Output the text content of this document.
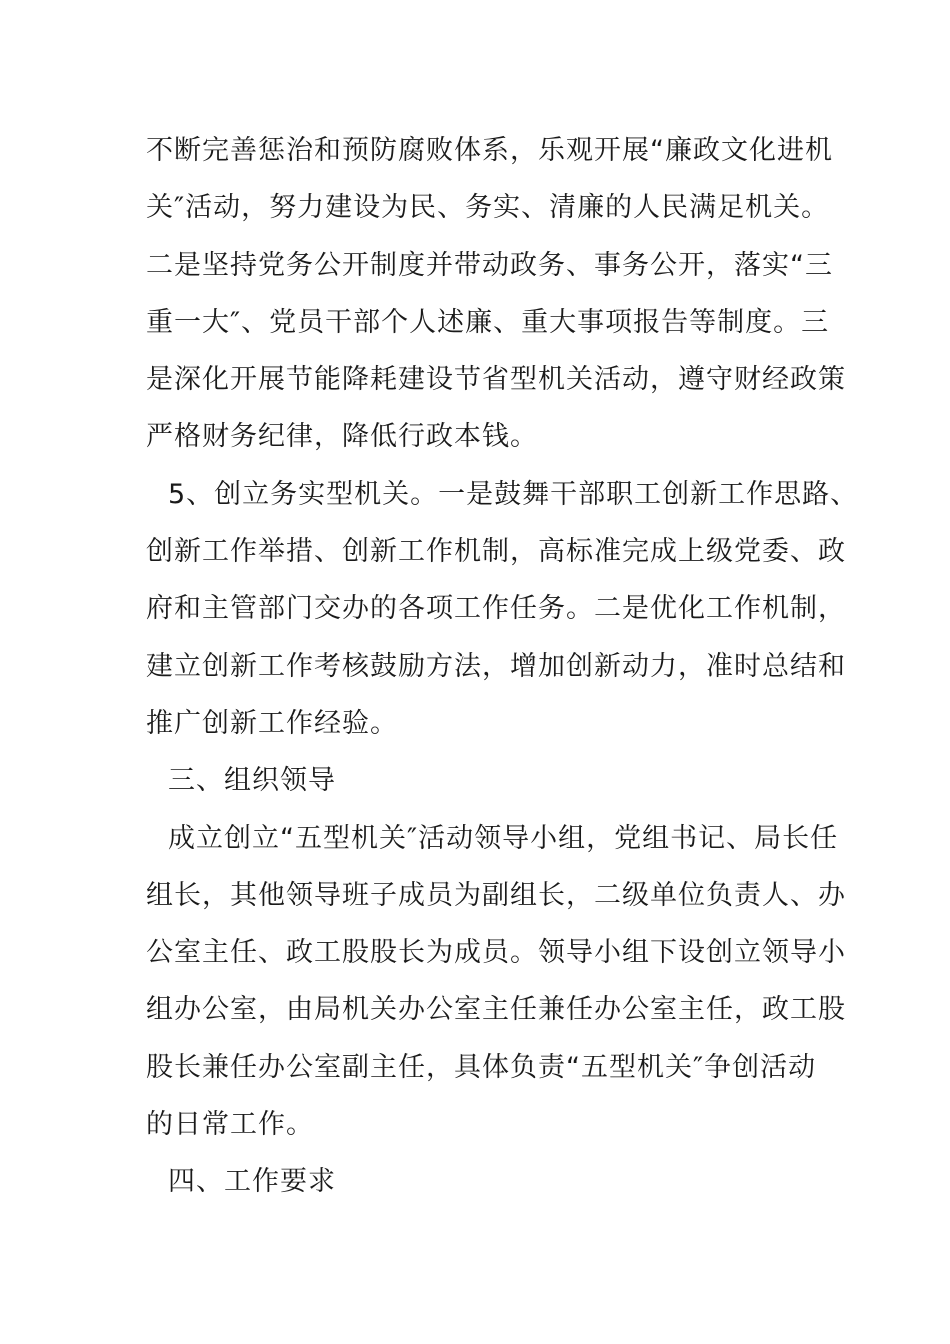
不断完善惩治和预防腐败体系，乐观开展“廉政文化进机
关″活动，努力建设为民、务实、清廉的人民满足机关。
二是坚持党务公开制度并带动政务、事务公开，落实“三
重一大″、党员干部个人述廉、重大事项报告等制度。三
是深化开展节能降耗建设节省型机关活动，遵守财经政策
严格财务纪律，降低行政本钱。
5、创立务实型机关。一是鼓舞干部职工创新工作思路、
创新工作举措、创新工作机制，高标准完成上级党委、政
府和主管部门交办的各项工作任务。二是优化工作机制，
建立创新工作考核鼓励方法，增加创新动力，准时总结和
推广创新工作经验。
三、组织领导
成立创立“五型机关″活动领导小组，党组书记、局长任
组长，其他领导班子成员为副组长，二级单位负责人、办
公室主任、政工股股长为成员。领导小组下设创立领导小
组办公室，由局机关办公室主任兼任办公室主任，政工股
股长兼任办公室副主任，具体负责“五型机关″争创活动
的日常工作。
四、工作要求
